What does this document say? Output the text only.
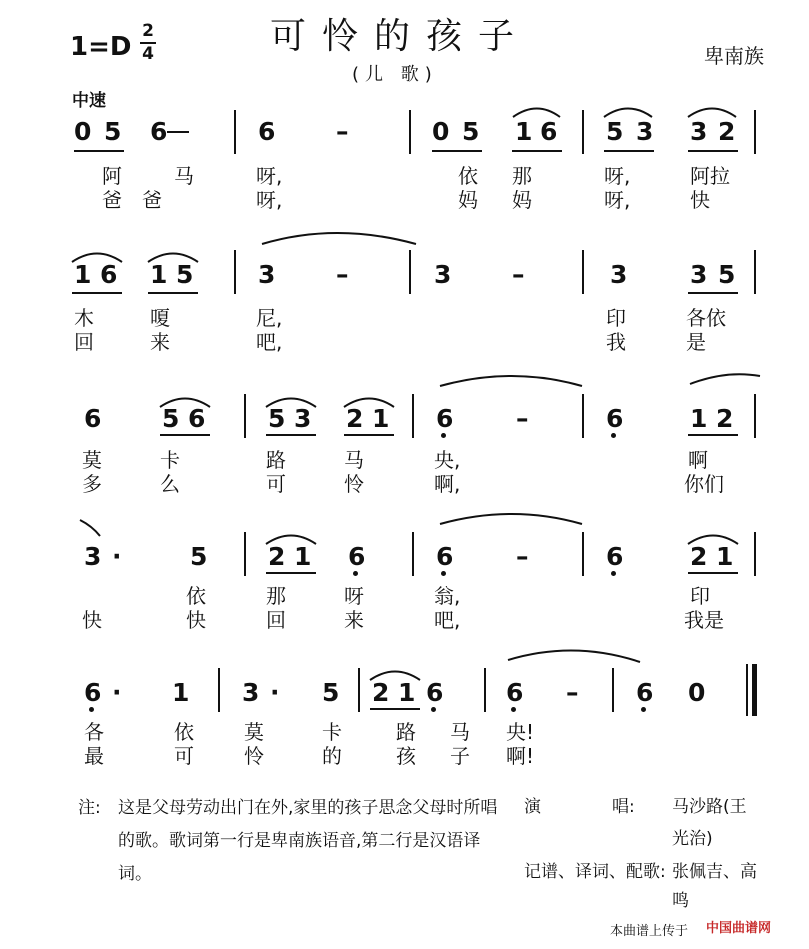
1=D
2
4	可怜的孩子
(儿 歌)
卑南族
中速
0 5 6	6 –	0 5 1 6 5 3 3 2
阿	马	呀,	依 那	呀,	阿拉
爸 爸	呀,	妈 妈	呀,	快
1 6 1 5	3 –	3 –	3	3 5
木	嗄	尼,	印	各依
回	来	吧,	我	是
6 5 6	5 3 2 1 6	–	6	1 2
莫	卡	路	马	央,	啊
多	么	可	怜	啊,	你们
3 ·	5 2 1 6	6	–	6	2 1
依	那	呀	翁,	印
快	快	回	来	吧,	我是
6 · 1 3 · 5 2 1 6	6 – 6 0
各	依	莫	卡	路 马 央!
最	可	怜	的	孩 子 啊!
注: 这是父母劳动出门在外,家里的孩子思念父母时所唱的歌。歌词第一行是卑南族语音,第二行是汉语译词。
演	唱: 马沙路(王
光治)
记谱、译词、配歌: 张佩吉、高
鸣
本曲谱上传于 中国曲谱网
